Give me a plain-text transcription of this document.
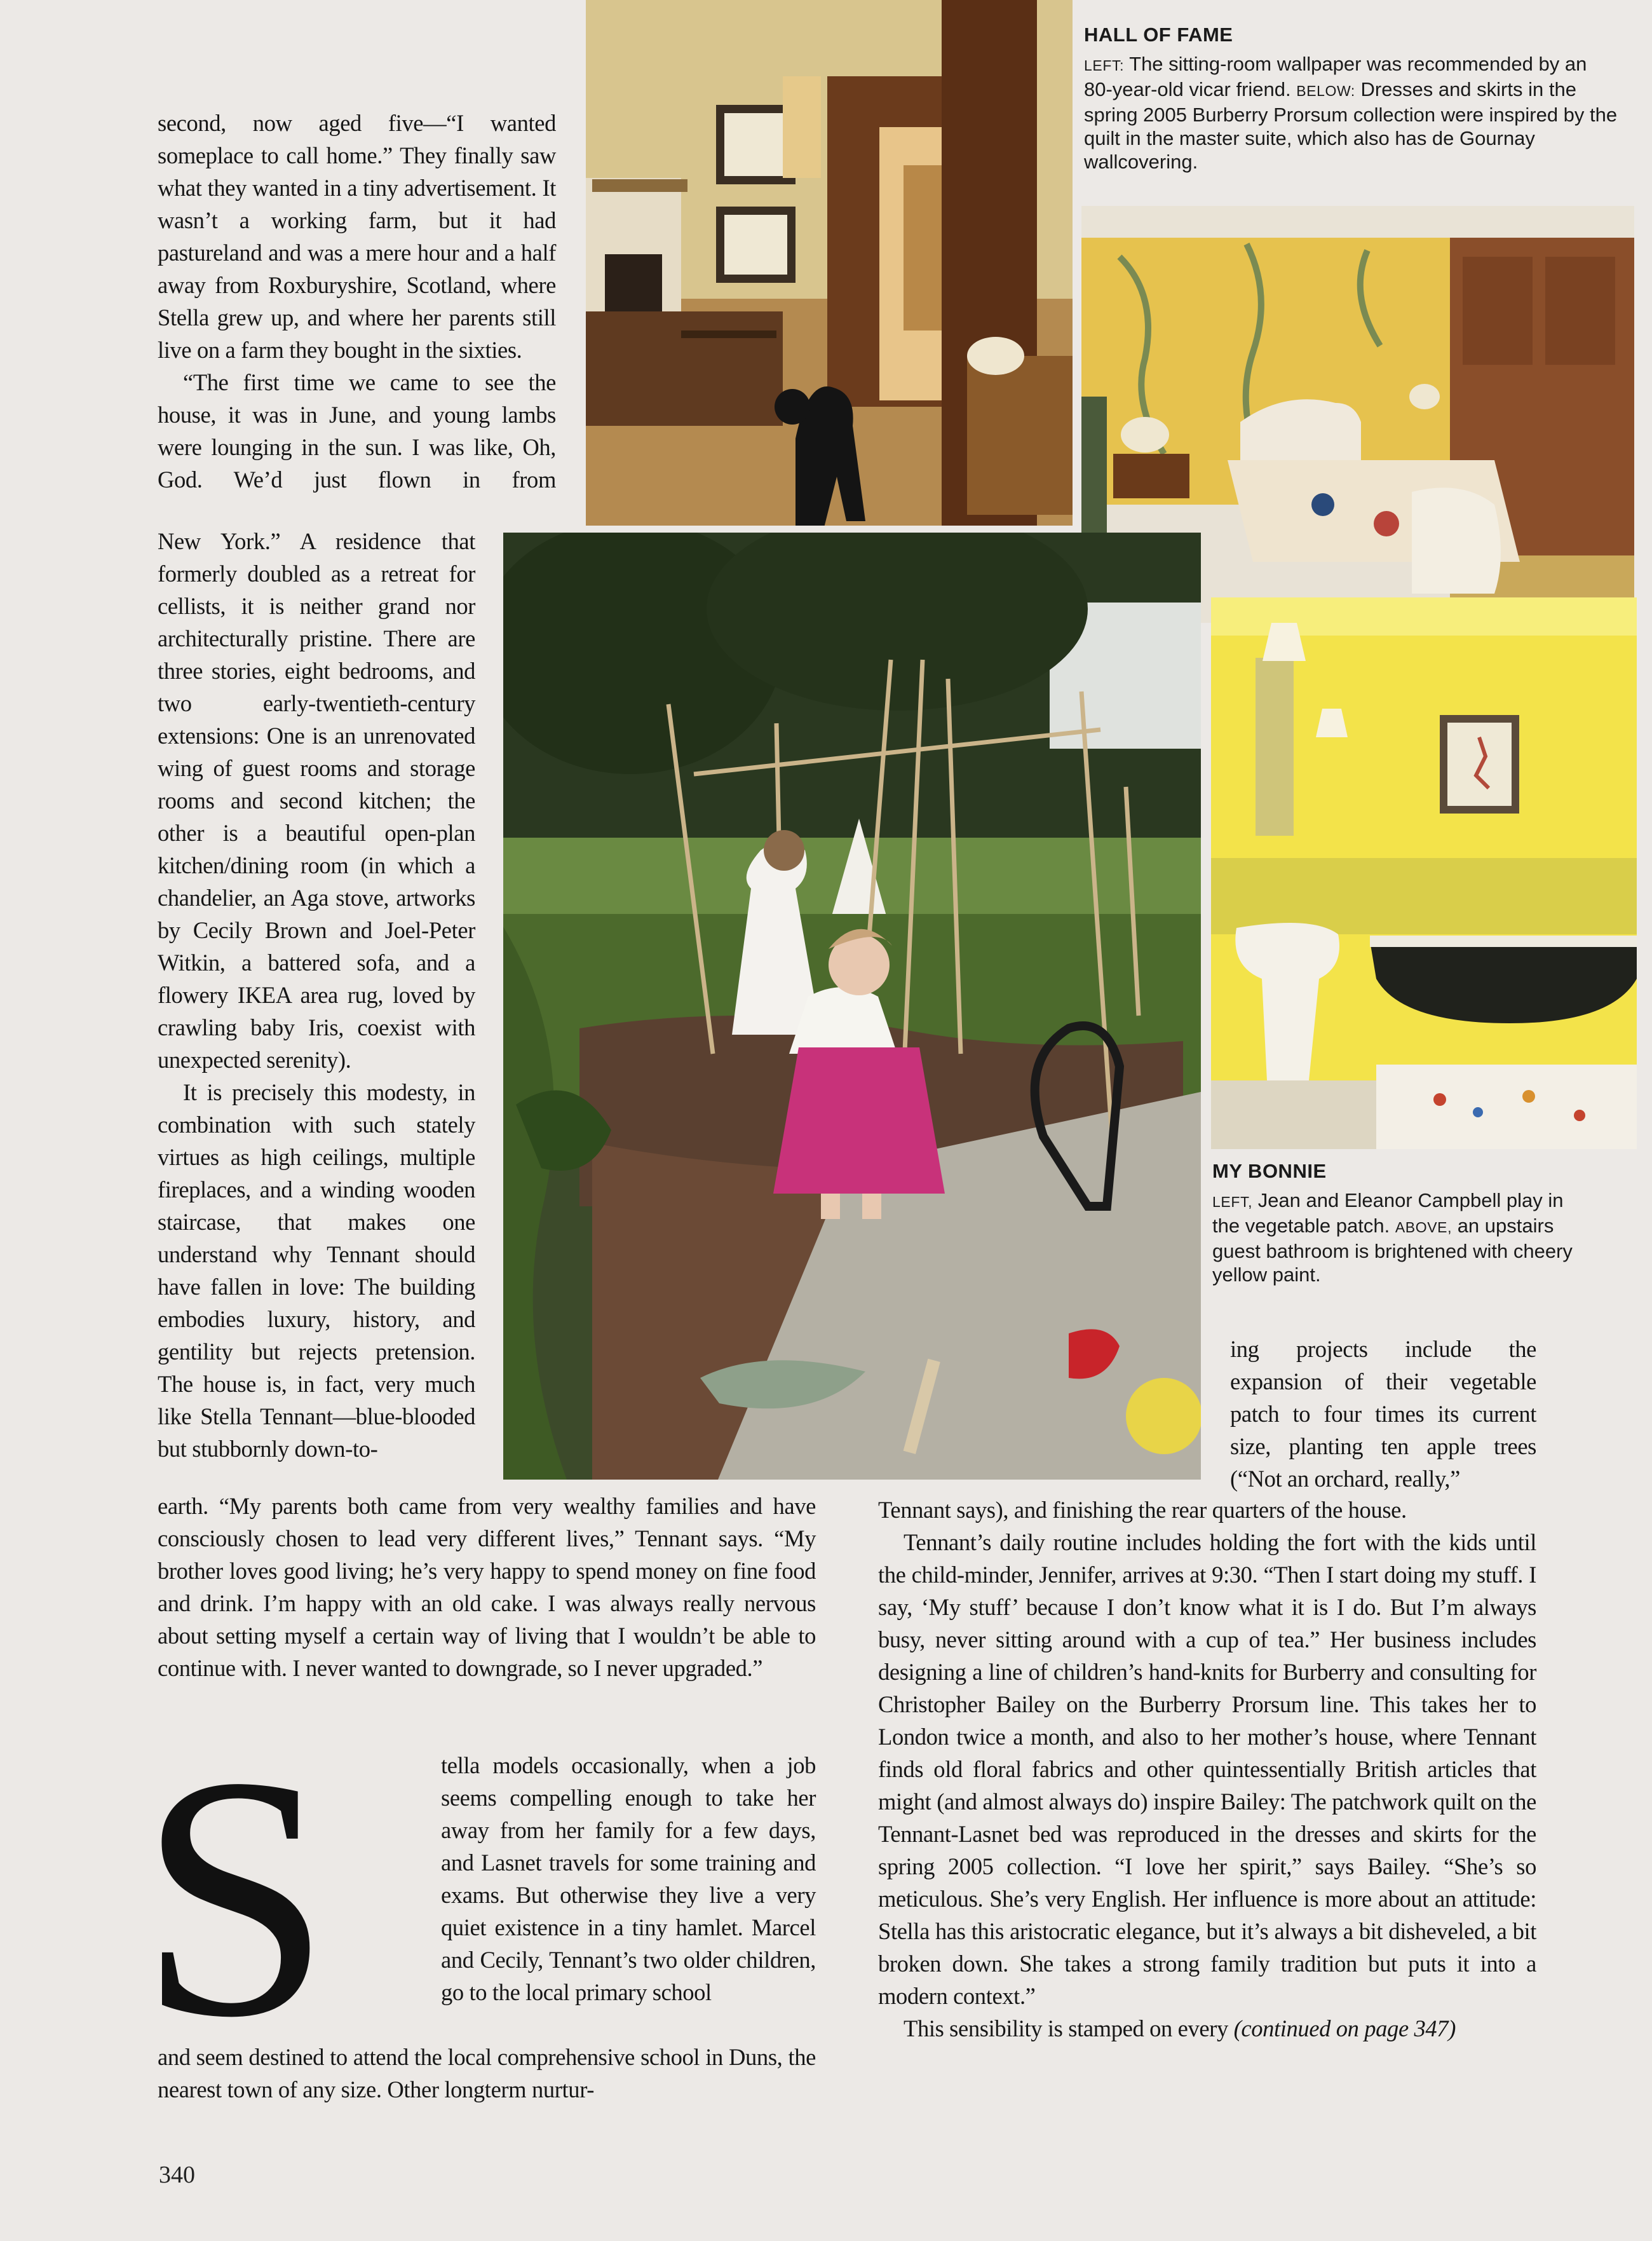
HALL OF FAME
LEFT: The sitting-room wallpaper was recommended by an 80-year-old vicar friend. BELOW: Dresses and skirts in the spring 2005 Burberry Prorsum collection were inspired by the quilt in the master suite, which also has de Gournay wallcovering.
MY BONNIE
LEFT, Jean and Eleanor Campbell play in the vegetable patch. ABOVE, an upstairs guest bathroom is brightened with cheery yellow paint.

second, now aged five—“I wanted someplace to call home.” They finally saw what they wanted in a tiny advertisement. It wasn’t a working farm, but it had pastureland and was a mere hour and a half away from Roxburyshire, Scotland, where Stella grew up, and where her parents still live on a farm they bought in the sixties.

“The first time we came to see the house, it was in June, and young lambs were lounging in the sun. I was like, Oh, God. We’d just flown in from

New York.” A residence that formerly doubled as a retreat for cellists, it is neither grand nor architecturally pristine. There are three stories, eight bedrooms, and two early-twentieth-century extensions: One is an unrenovated wing of guest rooms and storage rooms and second kitchen; the other is a beautiful open-plan kitchen/dining room (in which a chandelier, an Aga stove, artworks by Cecily Brown and Joel-Peter Witkin, a battered sofa, and a flowery IKEA area rug, loved by crawling baby Iris, coexist with unexpected serenity).

It is precisely this modesty, in combination with such stately virtues as high ceilings, multiple fireplaces, and a winding wooden staircase, that makes one understand why Tennant should have fallen in love: The building embodies luxury, history, and gentility but rejects pretension. The house is, in fact, very much like Stella Tennant—blue-blooded but stubbornly down-to-

earth. “My parents both came from very wealthy families and have consciously chosen to lead very different lives,” Tennant says. “My brother loves good living; he’s very happy to spend money on fine food and drink. I’m happy with an old cake. I was always really nervous about setting myself a certain way of living that I wouldn’t be able to continue with. I never wanted to downgrade, so I never upgraded.”

S	tella models occasionally, when a job seems compelling enough to take her away from her family for a few days, and Lasnet travels for some training and exams. But otherwise they live a very quiet existence in a tiny hamlet. Marcel and Cecily, Tennant’s two older children, go to the local primary school

and seem destined to attend the local comprehensive school in Duns, the nearest town of any size. Other longterm nurtur-

ing projects include the expansion of their vegetable patch to four times its current size, planting ten apple trees (“Not an orchard, really,”

Tennant says), and finishing the rear quarters of the house.

Tennant’s daily routine includes holding the fort with the kids until the child-minder, Jennifer, arrives at 9:30. “Then I start doing my stuff. I say, ‘My stuff’ because I don’t know what it is I do. But I’m always busy, never sitting around with a cup of tea.” Her business includes designing a line of children’s hand-knits for Burberry and consulting for Christopher Bailey on the Burberry Prorsum line. This takes her to London twice a month, and also to her mother’s house, where Tennant finds old floral fabrics and other quintessentially British articles that might (and almost always do) inspire Bailey: The patchwork quilt on the Tennant-Lasnet bed was reproduced in the dresses and skirts for the spring 2005 collection. “I love her spirit,” says Bailey. “She’s so meticulous. She’s very English. Her influence is more about an attitude: Stella has this aristocratic elegance, but it’s always a bit disheveled, a bit broken down. She takes a strong family tradition but puts it into a modern context.”

This sensibility is stamped on every (continued on page 347)

340
